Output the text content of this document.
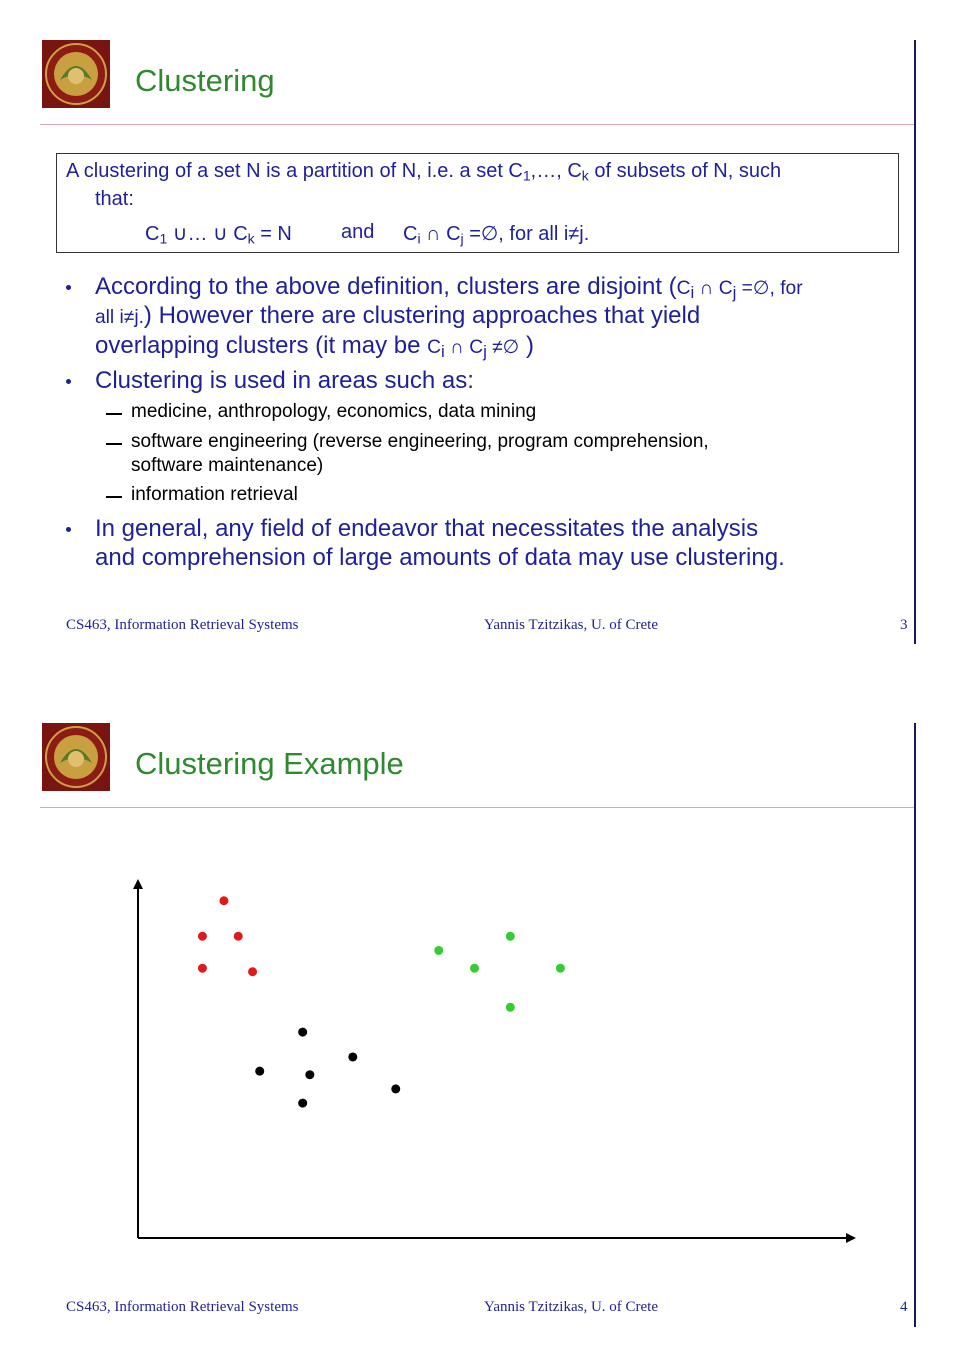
Clustering
A clustering of a set N is a partition of N, i.e. a set C1,…, Ck of subsets of N, such
that:
C1 ∪… ∪ Ck = N and Ci ∩ Cj =∅, for all i≠j.
According to the above definition, clusters are disjoint (Ci ∩ Cj =∅, for
all i≠j.) However there are clustering approaches that yield
overlapping clusters (it may be Ci ∩ Cj ≠∅ )
Clustering is used in areas such as:
medicine, anthropology, economics, data mining
software engineering (reverse engineering, program comprehension,
software maintenance)
information retrieval
In general, any field of endeavor that necessitates the analysis
and comprehension of large amounts of data may use clustering.
CS463, Information Retrieval Systems	Yannis Tzitzikas, U. of Crete	3
Clustering Example
CS463, Information Retrieval Systems	Yannis Tzitzikas, U. of Crete	4
